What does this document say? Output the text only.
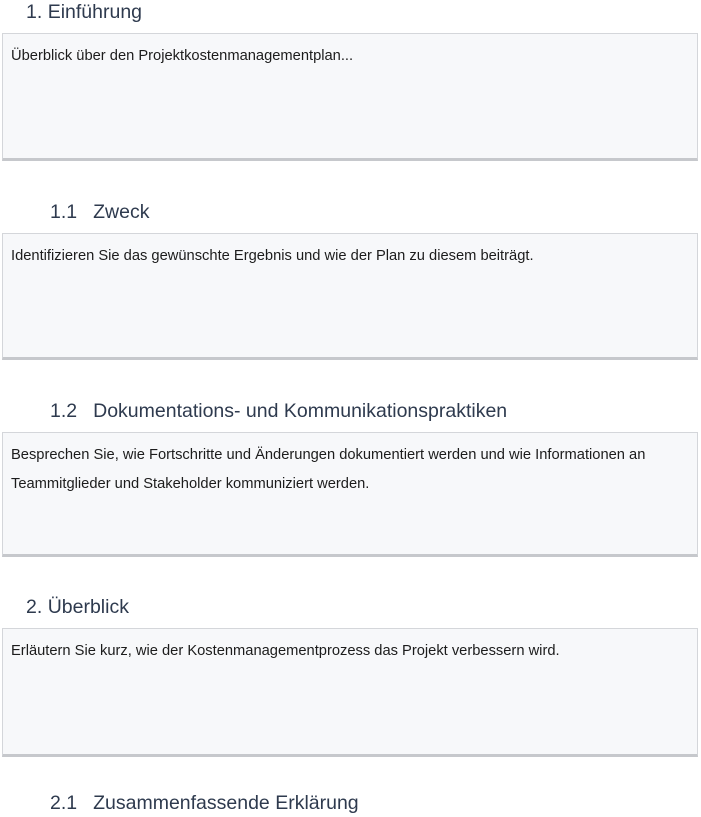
1. Einführung

Überblick über den Projektkostenmanagementplan...

1.1 Zweck

Identifizieren Sie das gewünschte Ergebnis und wie der Plan zu diesem beiträgt.

1.2 Dokumentations- und Kommunikationspraktiken

Besprechen Sie, wie Fortschritte und Änderungen dokumentiert werden und wie Informationen an Teammitglieder und Stakeholder kommuniziert werden.

2. Überblick

Erläutern Sie kurz, wie der Kostenmanagementprozess das Projekt verbessern wird.

2.1 Zusammenfassende Erklärung
